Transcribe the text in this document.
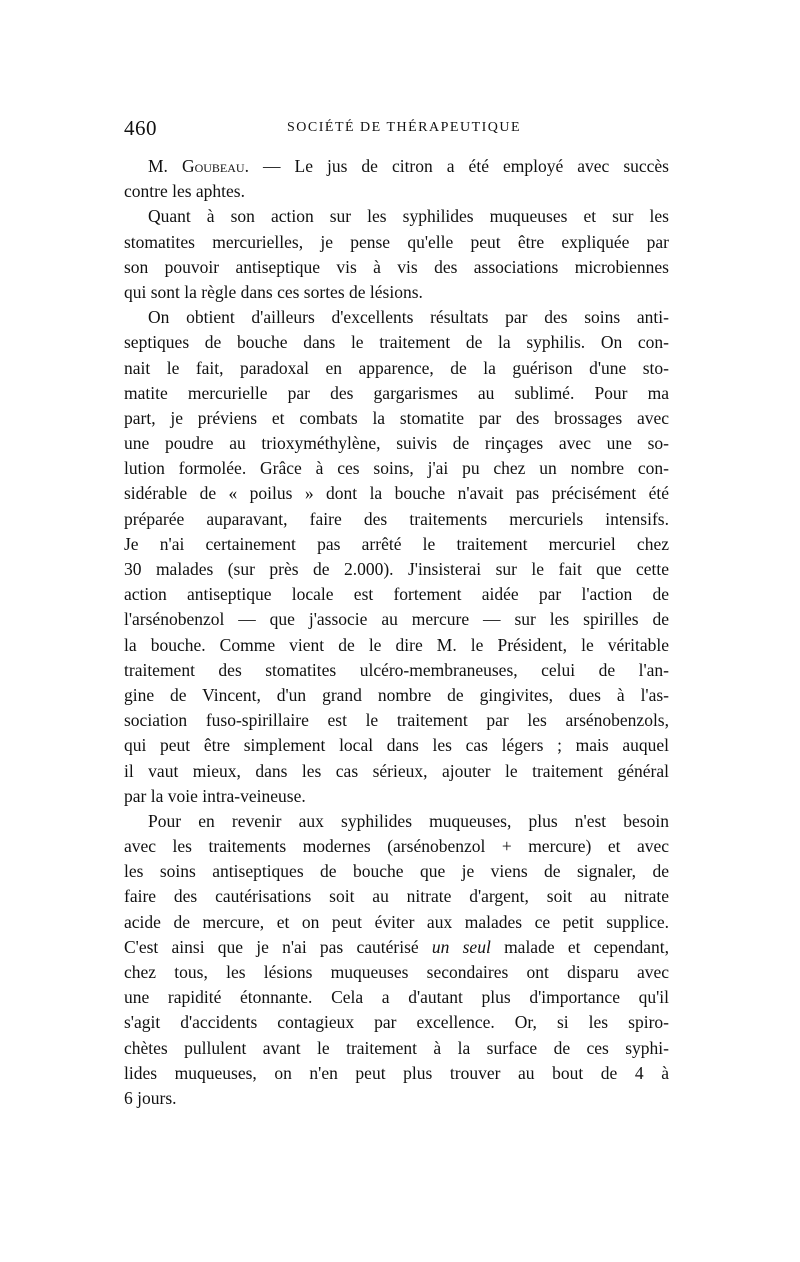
460	SOCIÉTÉ DE THÉRAPEUTIQUE
M. Goubeau. — Le jus de citron a été employé avec succès
contre les aphtes.
Quant à son action sur les syphilides muqueuses et sur les
stomatites mercurielles, je pense qu'elle peut être expliquée par
son pouvoir antiseptique vis à vis des associations microbiennes
qui sont la règle dans ces sortes de lésions.
On obtient d'ailleurs d'excellents résultats par des soins anti-
septiques de bouche dans le traitement de la syphilis. On con-
nait le fait, paradoxal en apparence, de la guérison d'une sto-
matite mercurielle par des gargarismes au sublimé. Pour ma
part, je préviens et combats la stomatite par des brossages avec
une poudre au trioxyméthylène, suivis de rinçages avec une so-
lution formolée. Grâce à ces soins, j'ai pu chez un nombre con-
sidérable de « poilus » dont la bouche n'avait pas précisément été
préparée auparavant, faire des traitements mercuriels intensifs.
Je n'ai certainement pas arrêté le traitement mercuriel chez
30 malades (sur près de 2.000). J'insisterai sur le fait que cette
action antiseptique locale est fortement aidée par l'action de
l'arsénobenzol — que j'associe au mercure — sur les spirilles de
la bouche. Comme vient de le dire M. le Président, le véritable
traitement des stomatites ulcéro-membraneuses, celui de l'an-
gine de Vincent, d'un grand nombre de gingivites, dues à l'as-
sociation fuso-spirillaire est le traitement par les arsénobenzols,
qui peut être simplement local dans les cas légers ; mais auquel
il vaut mieux, dans les cas sérieux, ajouter le traitement général
par la voie intra-veineuse.
Pour en revenir aux syphilides muqueuses, plus n'est besoin
avec les traitements modernes (arsénobenzol + mercure) et avec
les soins antiseptiques de bouche que je viens de signaler, de
faire des cautérisations soit au nitrate d'argent, soit au nitrate
acide de mercure, et on peut éviter aux malades ce petit supplice.
C'est ainsi que je n'ai pas cautérisé un seul malade et cependant,
chez tous, les lésions muqueuses secondaires ont disparu avec
une rapidité étonnante. Cela a d'autant plus d'importance qu'il
s'agit d'accidents contagieux par excellence. Or, si les spiro-
chètes pullulent avant le traitement à la surface de ces syphi-
lides muqueuses, on n'en peut plus trouver au bout de 4 à
6 jours.
